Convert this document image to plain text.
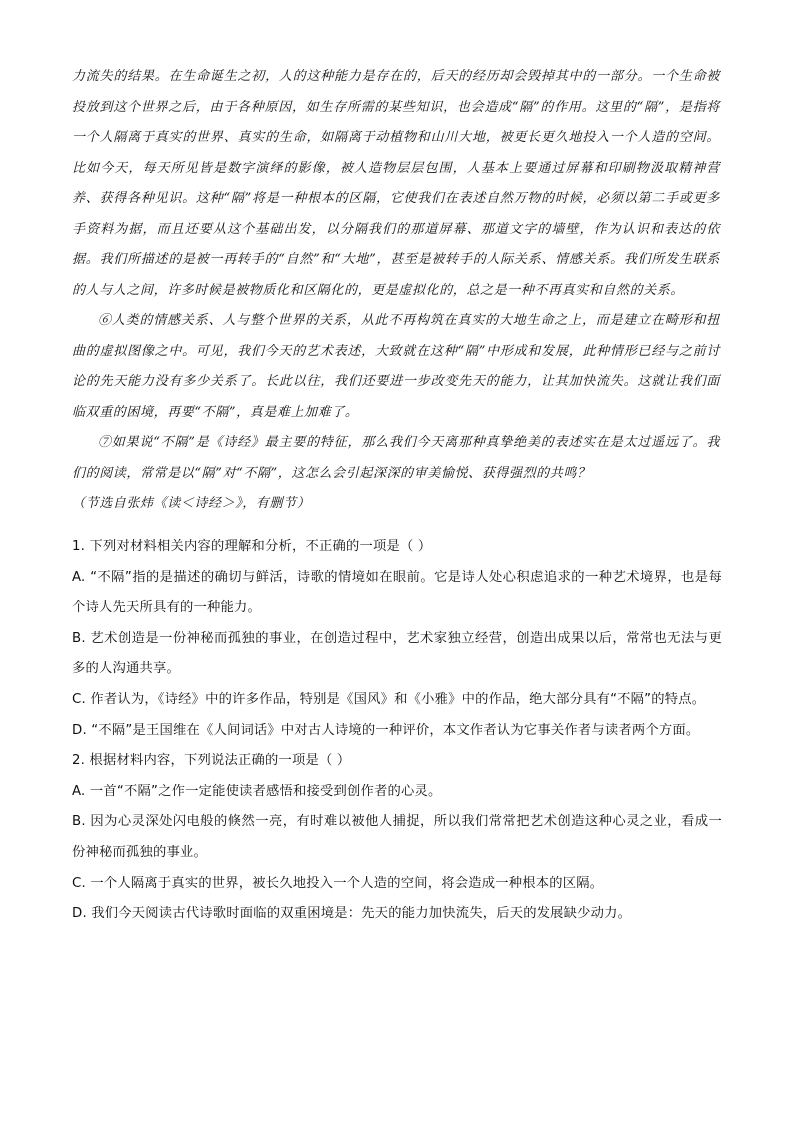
力流失的结果。在生命诞生之初，人的这种能力是存在的，后天的经历却会毁掉其中的一部分。一个生命被投放到这个世界之后，由于各种原因，如生存所需的某些知识，也会造成“隔”的作用。这里的“隔”，是指将一个人隔离于真实的世界、真实的生命，如隔离于动植物和山川大地，被更长更久地投入一个人造的空间。比如今天，每天所见皆是数字演绎的影像，被人造物层层包围，人基本上要通过屏幕和印刷物汲取精神营养、获得各种见识。这种“隔”将是一种根本的区隔，它使我们在表述自然万物的时候，必须以第二手或更多手资料为据，而且还要从这个基础出发，以分隔我们的那道屏幕、那道文字的墙壁，作为认识和表达的依据。我们所描述的是被一再转手的“自然”和“大地”，甚至是被转手的人际关系、情感关系。我们所发生联系的人与人之间，许多时候是被物质化和区隔化的，更是虚拟化的，总之是一种不再真实和自然的关系。

⑥人类的情感关系、人与整个世界的关系，从此不再构筑在真实的大地生命之上，而是建立在畸形和扭曲的虚拟图像之中。可见，我们今天的艺术表述，大致就在这种“隔”中形成和发展，此种情形已经与之前讨论的先天能力没有多少关系了。长此以往，我们还要进一步改变先天的能力，让其加快流失。这就让我们面临双重的困境，再要“不隔”，真是难上加难了。

⑦如果说“不隔”是《诗经》最主要的特征，那么我们今天离那种真挚绝美的表述实在是太过遥远了。我们的阅读，常常是以“隔”对“不隔”，这怎么会引起深深的审美愉悦、获得强烈的共鸣？

（节选自张炜《读＜诗经＞》，有删节）

1. 下列对材料相关内容的理解和分析，不正确的一项是（ ）

A. “不隔”指的是描述的确切与鲜活，诗歌的情境如在眼前。它是诗人处心积虑追求的一种艺术境界，也是每个诗人先天所具有的一种能力。

B. 艺术创造是一份神秘而孤独的事业，在创造过程中，艺术家独立经营，创造出成果以后，常常也无法与更多的人沟通共享。

C. 作者认为，《诗经》中的许多作品，特别是《国风》和《小雅》中的作品，绝大部分具有“不隔”的特点。

D. “不隔”是王国维在《人间词话》中对古人诗境的一种评价，本文作者认为它事关作者与读者两个方面。

2. 根据材料内容，下列说法正确的一项是（ ）

A. 一首“不隔”之作一定能使读者感悟和接受到创作者的心灵。

B. 因为心灵深处闪电般的倏然一亮，有时难以被他人捕捉，所以我们常常把艺术创造这种心灵之业，看成一份神秘而孤独的事业。

C. 一个人隔离于真实的世界，被长久地投入一个人造的空间，将会造成一种根本的区隔。

D. 我们今天阅读古代诗歌时面临的双重困境是：先天的能力加快流失，后天的发展缺少动力。
